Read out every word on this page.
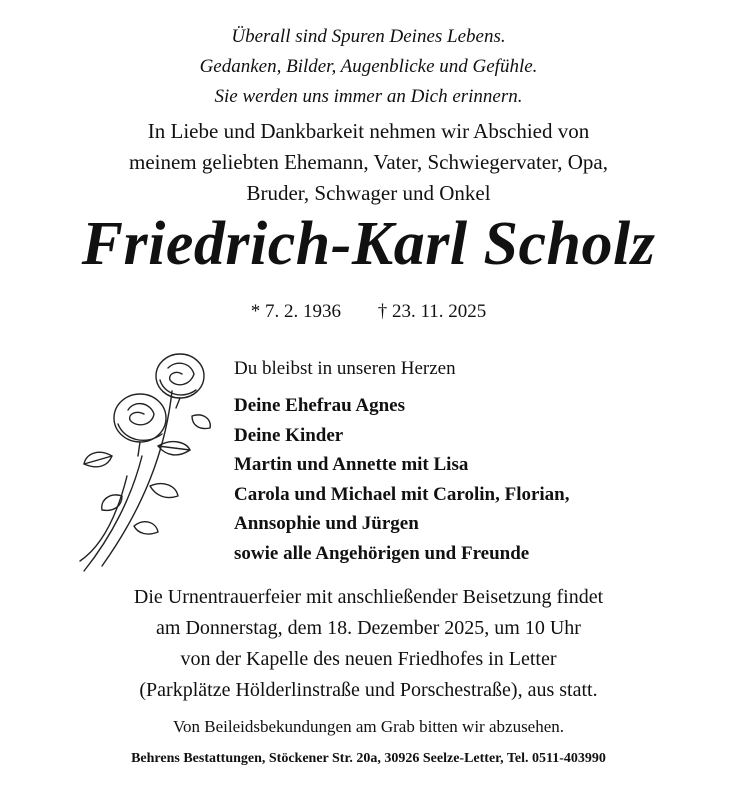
Überall sind Spuren Deines Lebens.
Gedanken, Bilder, Augenblicke und Gefühle.
Sie werden uns immer an Dich erinnern.
In Liebe und Dankbarkeit nehmen wir Abschied von
meinem geliebten Ehemann, Vater, Schwiegervater, Opa,
Bruder, Schwager und Onkel
Friedrich-Karl Scholz
* 7. 2. 1936 † 23. 11. 2025
Du bleibst in unseren Herzen

Deine Ehefrau Agnes

Deine Kinder

Martin und Annette mit Lisa

Carola und Michael mit Carolin, Florian,

Annsophie und Jürgen

sowie alle Angehörigen und Freunde

Die Urnentrauerfeier mit anschließender Beisetzung findet
am Donnerstag, dem 18. Dezember 2025, um 10 Uhr
von der Kapelle des neuen Friedhofes in Letter
(Parkplätze Hölderlinstraße und Porschestraße), aus statt.
Von Beileidsbekundungen am Grab bitten wir abzusehen.
Behrens Bestattungen, Stöckener Str. 20a, 30926 Seelze-Letter, Tel. 0511-403990
